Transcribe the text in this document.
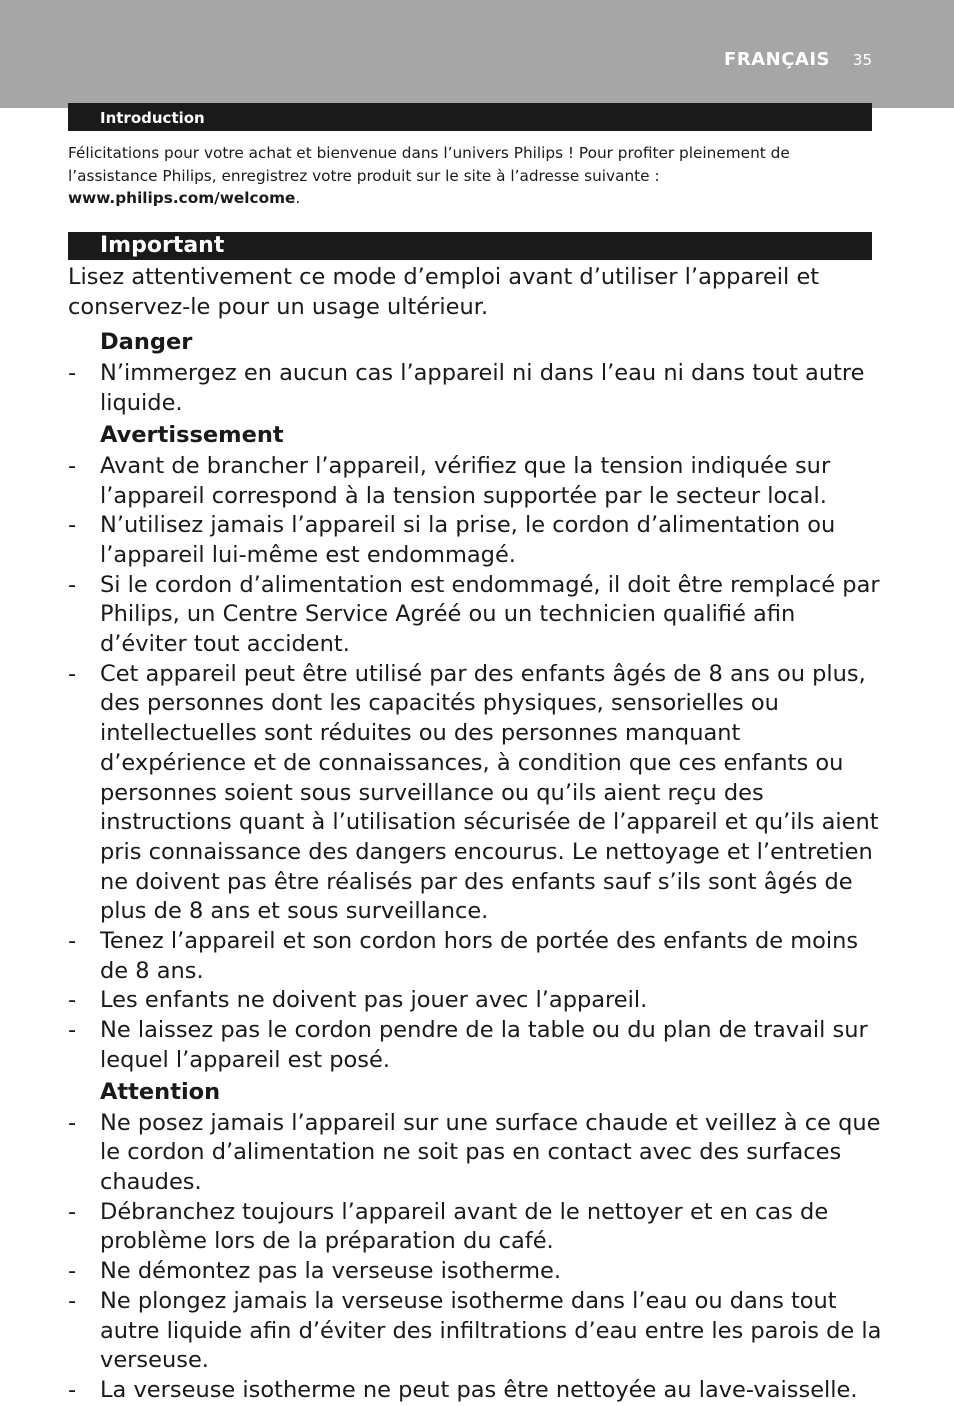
FRANÇAIS 35
Introduction
Félicitations pour votre achat et bienvenue dans l’univers Philips ! Pour profiter pleinement de l’assistance Philips, enregistrez votre produit sur le site à l’adresse suivante :
www.philips.com/welcome.
Important

Lisez attentivement ce mode d’emploi avant d’utiliser l’appareil et conservez-le pour un usage ultérieur.

Danger
- N’immergez en aucun cas l’appareil ni dans l’eau ni dans tout autre liquide.
Avertissement
- Avant de brancher l’appareil, vérifiez que la tension indiquée sur l’appareil correspond à la tension supportée par le secteur local.
- N’utilisez jamais l’appareil si la prise, le cordon d’alimentation ou l’appareil lui-même est endommagé.
- Si le cordon d’alimentation est endommagé, il doit être remplacé par Philips, un Centre Service Agréé ou un technicien qualifié afin d’éviter tout accident.
- Cet appareil peut être utilisé par des enfants âgés de 8 ans ou plus, des personnes dont les capacités physiques, sensorielles ou intellectuelles sont réduites ou des personnes manquant d’expérience et de connaissances, à condition que ces enfants ou personnes soient sous surveillance ou qu’ils aient reçu des instructions quant à l’utilisation sécurisée de l’appareil et qu’ils aient pris connaissance des dangers encourus. Le nettoyage et l’entretien ne doivent pas être réalisés par des enfants sauf s’ils sont âgés de plus de 8 ans et sous surveillance.
- Tenez l’appareil et son cordon hors de portée des enfants de moins de 8 ans.
- Les enfants ne doivent pas jouer avec l’appareil.
- Ne laissez pas le cordon pendre de la table ou du plan de travail sur lequel l’appareil est posé.
Attention
- Ne posez jamais l’appareil sur une surface chaude et veillez à ce que le cordon d’alimentation ne soit pas en contact avec des surfaces chaudes.
- Débranchez toujours l’appareil avant de le nettoyer et en cas de problème lors de la préparation du café.
- Ne démontez pas la verseuse isotherme.
- Ne plongez jamais la verseuse isotherme dans l’eau ou dans tout autre liquide afin d’éviter des infiltrations d’eau entre les parois de la verseuse.
- La verseuse isotherme ne peut pas être nettoyée au lave-vaisselle.
